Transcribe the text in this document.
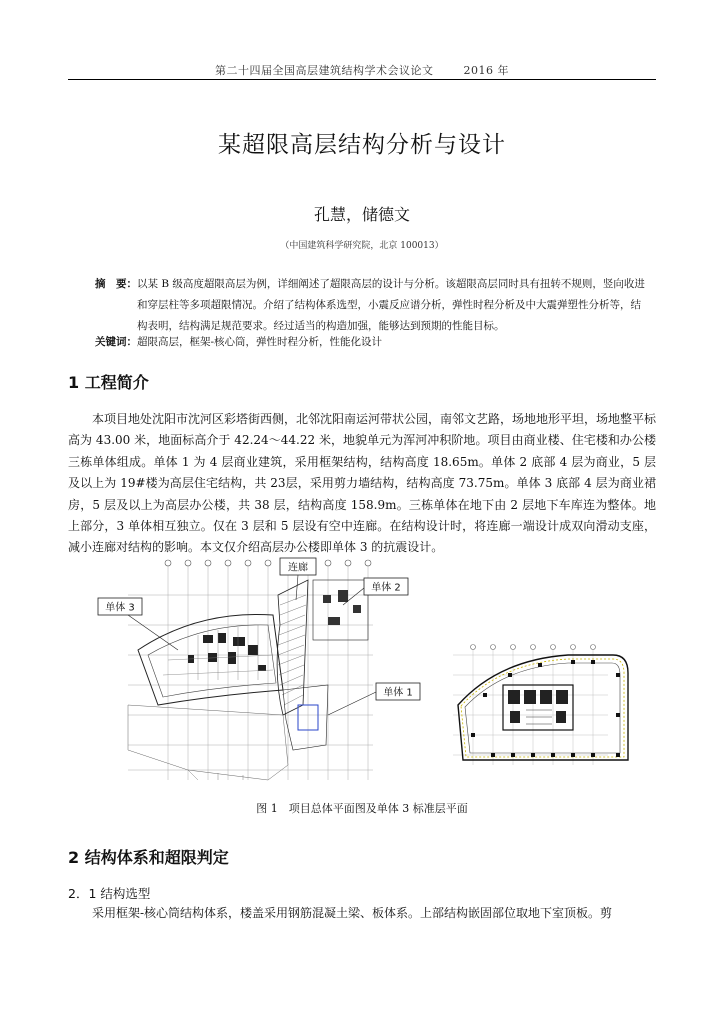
第二十四届全国高层建筑结构学术会议论文	2016 年
某超限高层结构分析与设计
孔慧，储德文
（中国建筑科学研究院，北京 100013）
摘　要：以某 B 级高度超限高层为例，详细阐述了超限高层的设计与分析。该超限高层同时具有扭转不规则，竖向收进和穿层柱等多项超限情况。介绍了结构体系选型，小震反应谱分析，弹性时程分析及中大震弹塑性分析等，结构表明，结构满足规范要求。经过适当的构造加强，能够达到预期的性能目标。
关键词：超限高层，框架-核心筒，弹性时程分析，性能化设计
1 工程简介
本项目地处沈阳市沈河区彩塔街西侧，北邻沈阳南运河带状公园，南邻文艺路，场地地形平坦，场地整平标高为 43.00 米，地面标高介于 42.24～44.22 米，地貌单元为浑河冲积阶地。项目由商业楼、住宅楼和办公楼三栋单体组成。单体 1 为 4 层商业建筑，采用框架结构，结构高度 18.65m。单体 2 底部 4 层为商业，5 层及以上为 19#楼为高层住宅结构，共 23层，采用剪力墙结构，结构高度 73.75m。单体 3 底部 4 层为商业裙房，5 层及以上为高层办公楼，共 38 层，结构高度 158.9m。三栋单体在地下由 2 层地下车库连为整体。地上部分，3 单体相互独立。仅在 3 层和 5 层设有空中连廊。在结构设计时，将连廊一端设计成双向滑动支座，减小连廊对结构的影响。本文仅介绍高层办公楼即单体 3 的抗震设计。
连廊
单体 2
单体 3
单体 1
图 1　项目总体平面图及单体 3 标准层平面
2 结构体系和超限判定
2．1 结构选型
采用框架-核心筒结构体系，楼盖采用钢筋混凝土梁、板体系。上部结构嵌固部位取地下室顶板。剪
